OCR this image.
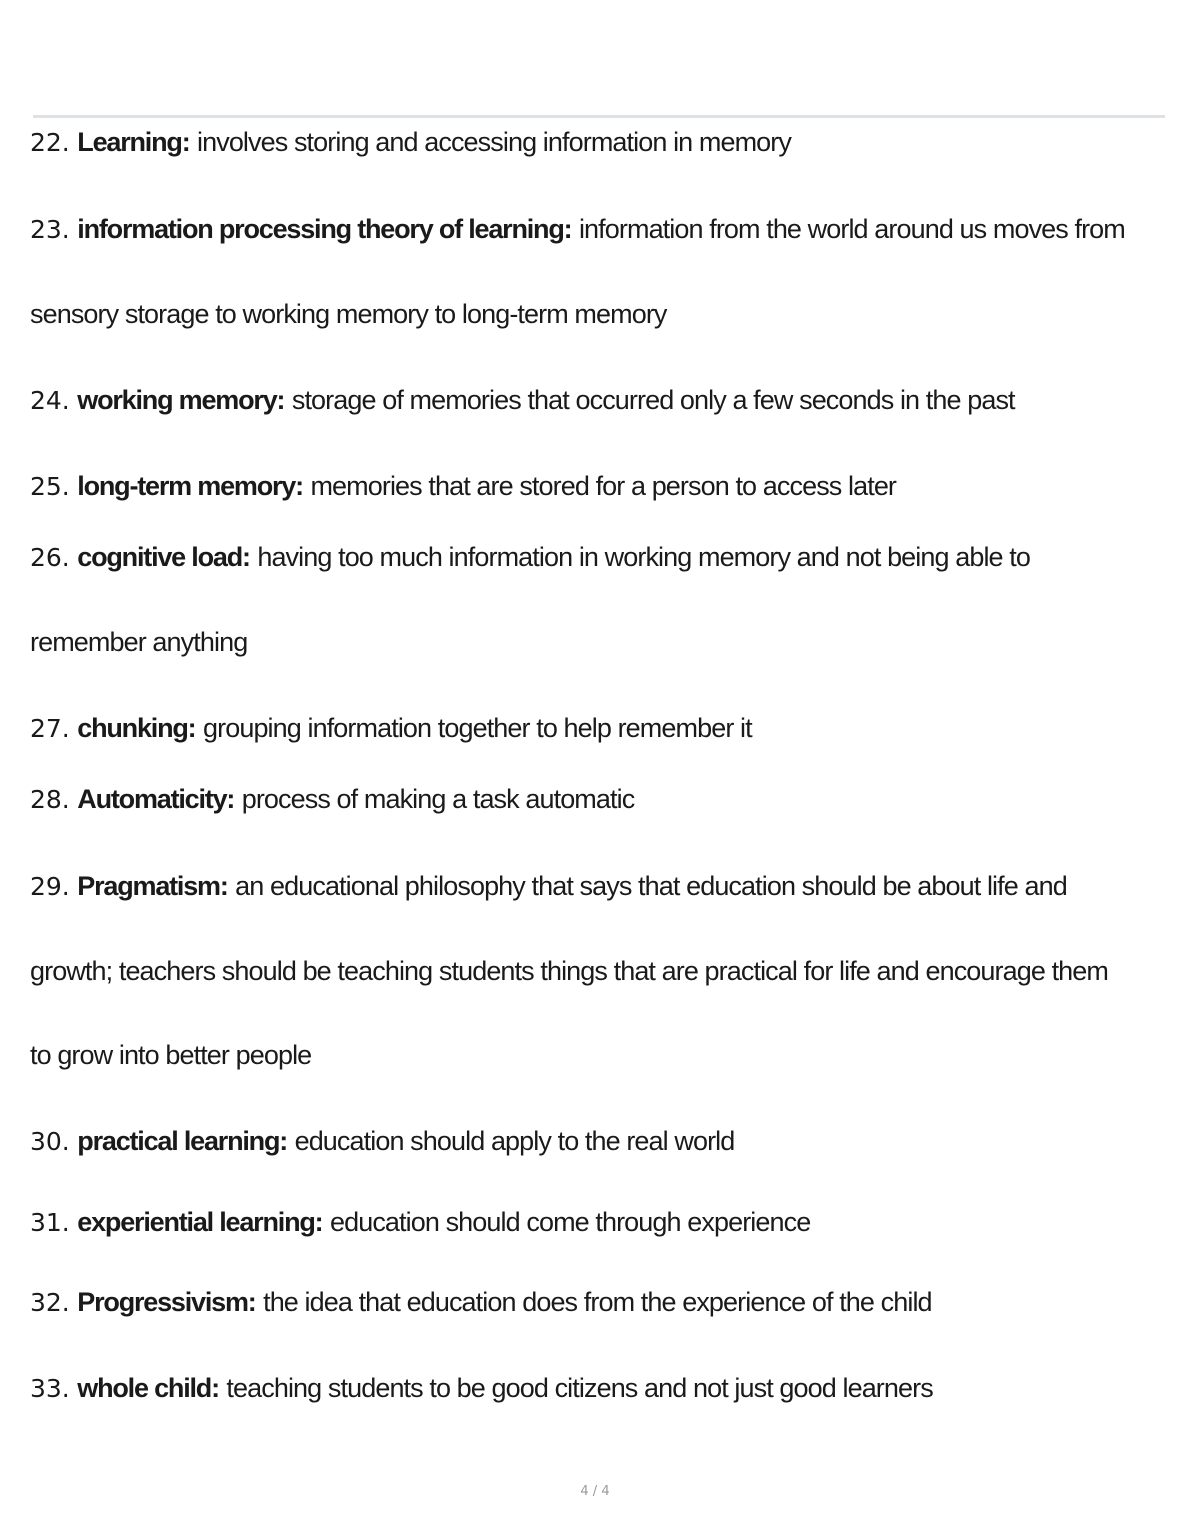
22. Learning: involves storing and accessing information in memory
23. information processing theory of learning: information from the world around us moves from
sensory storage to working memory to long-term memory
24. working memory: storage of memories that occurred only a few seconds in the past
25. long-term memory: memories that are stored for a person to access later
26. cognitive load: having too much information in working memory and not being able to
remember anything
27. chunking: grouping information together to help remember it
28. Automaticity: process of making a task automatic
29. Pragmatism: an educational philosophy that says that education should be about life and
growth; teachers should be teaching students things that are practical for life and encourage them
to grow into better people
30. practical learning: education should apply to the real world
31. experiential learning: education should come through experience
32. Progressivism: the idea that education does from the experience of the child
33. whole child: teaching students to be good citizens and not just good learners
4 / 4
